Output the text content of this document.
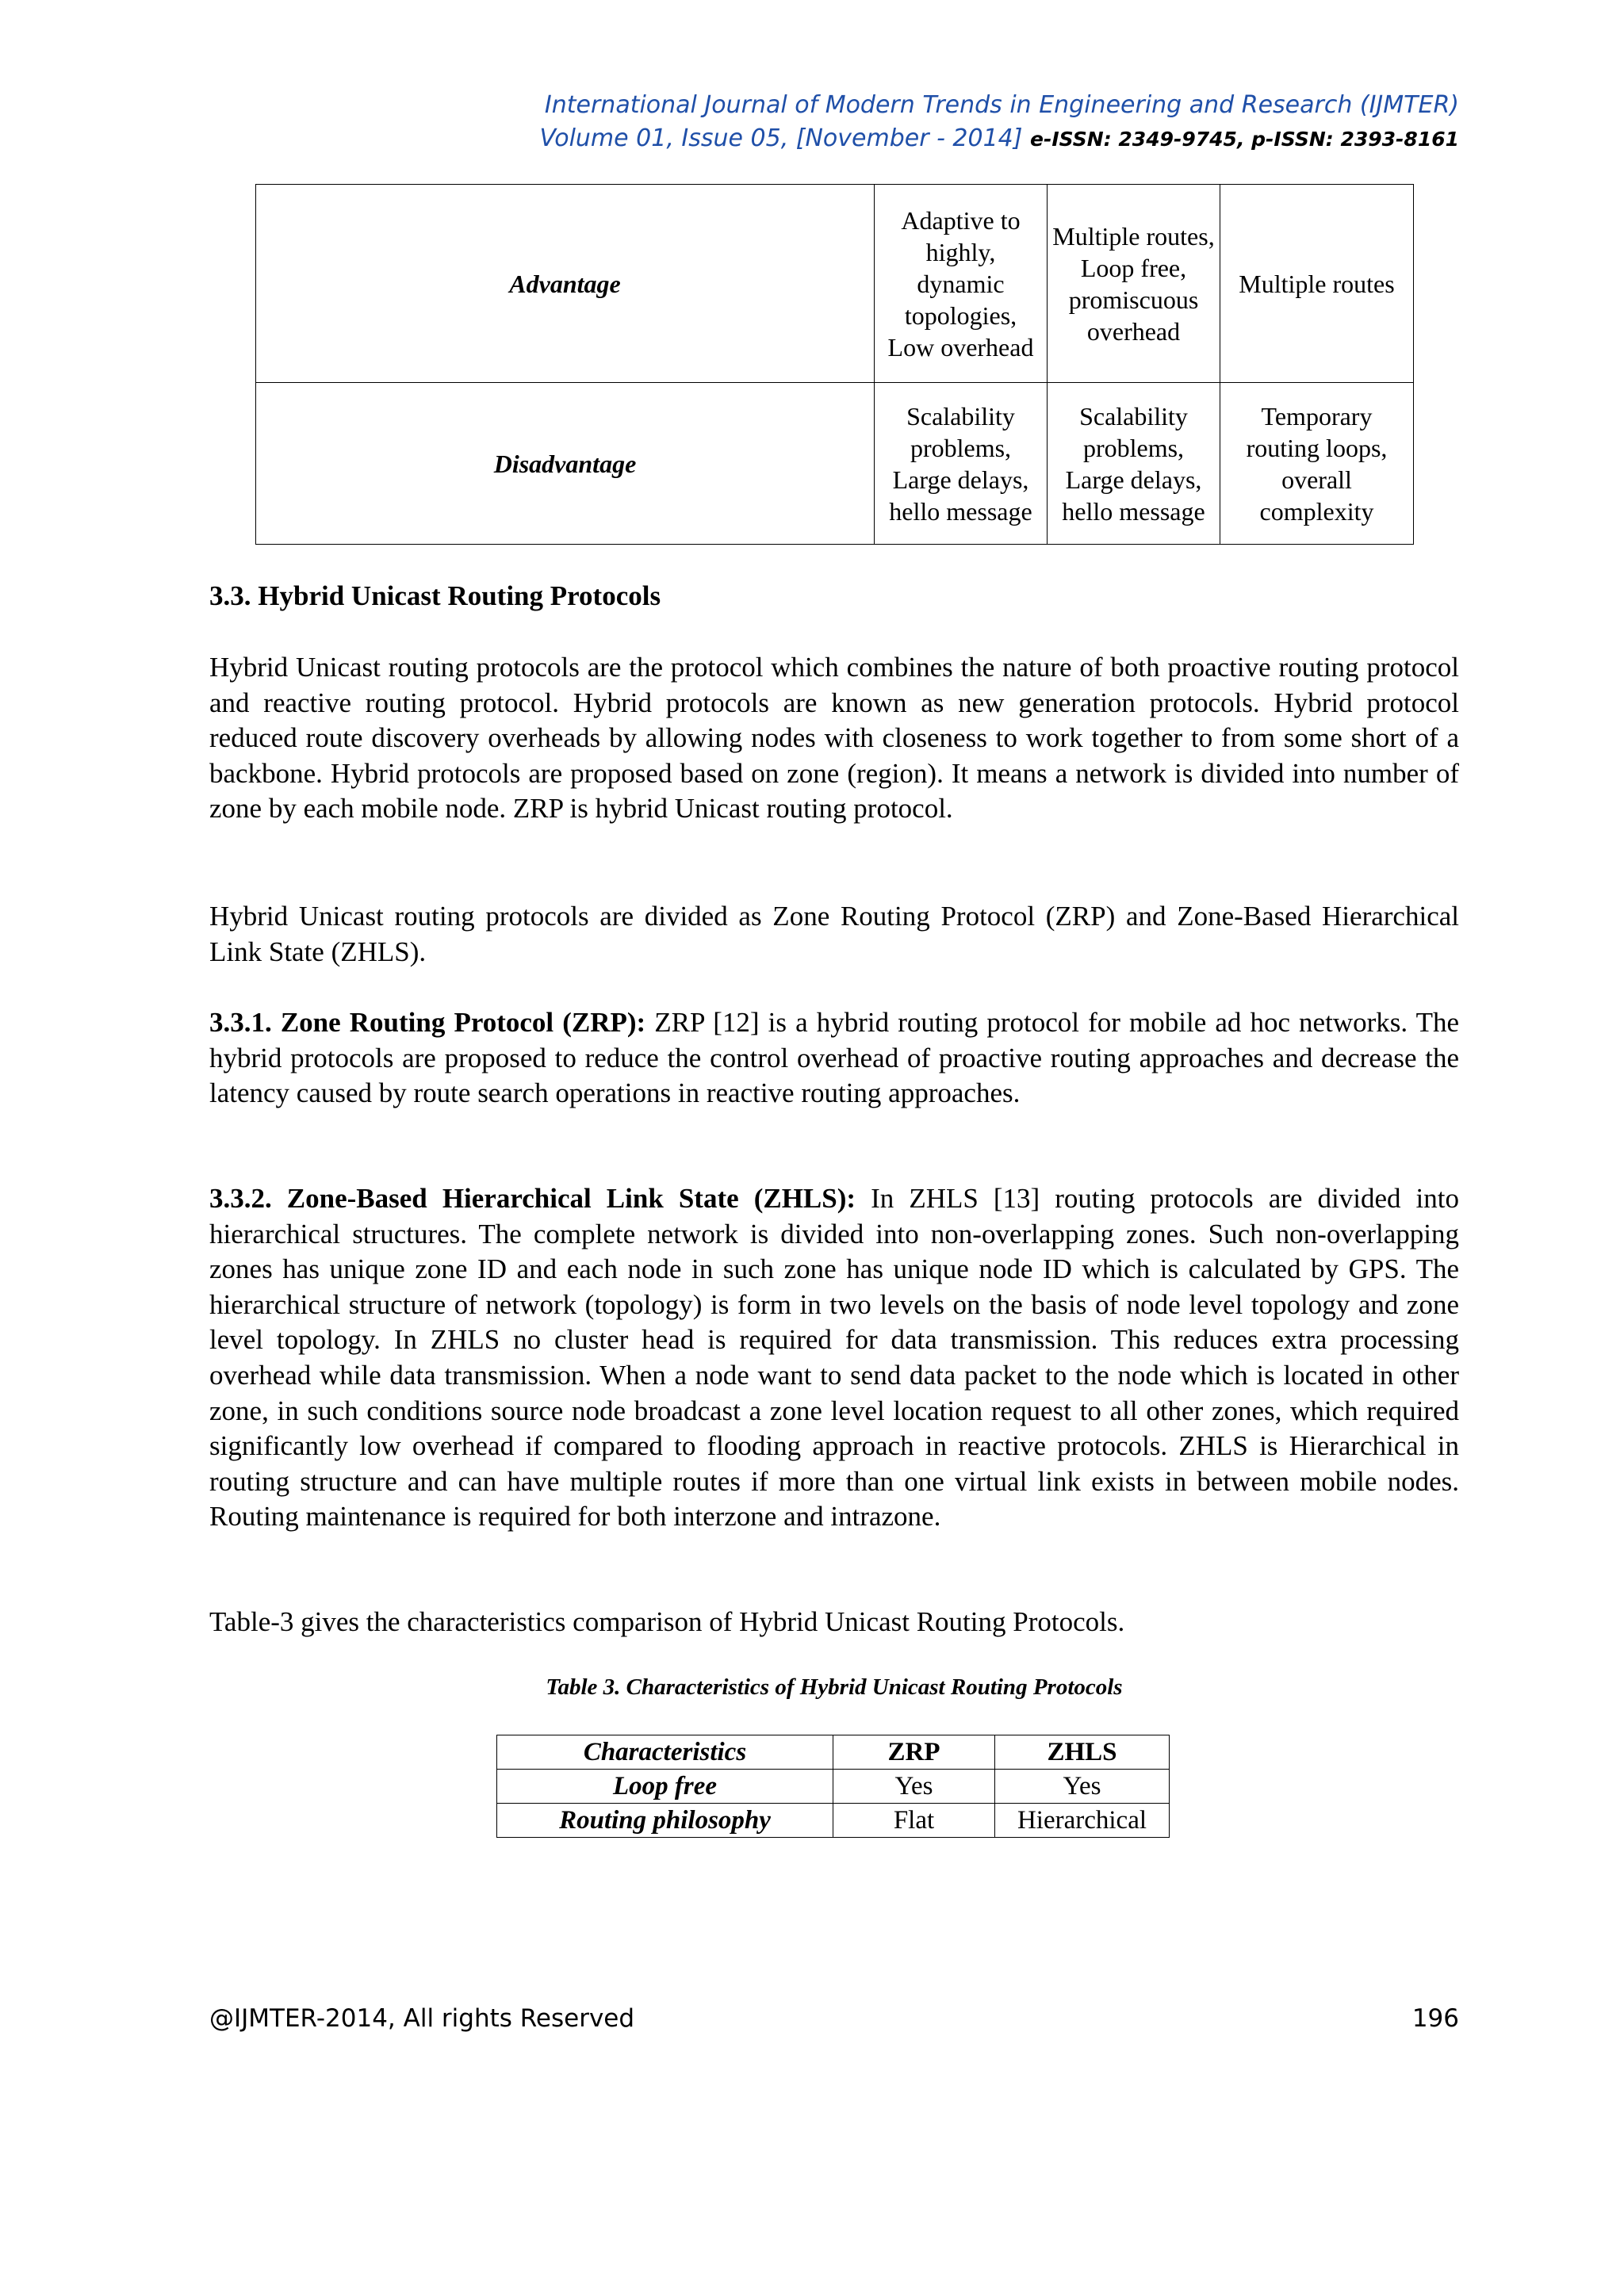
International Journal of Modern Trends in Engineering and Research (IJMTER)
Volume 01, Issue 05, [November - 2014] e-ISSN: 2349-9745, p-ISSN: 2393-8161
Advantage	Adaptive to highly, dynamic topologies, Low overhead	Multiple routes, Loop free, promiscuous overhead	Multiple routes
Disadvantage	Scalability problems, Large delays, hello message	Scalability problems, Large delays, hello message	Temporary routing loops, overall complexity
3.3. Hybrid Unicast Routing Protocols

Hybrid Unicast routing protocols are the protocol which combines the nature of both proactive routing protocol and reactive routing protocol. Hybrid protocols are known as new generation protocols. Hybrid protocol reduced route discovery overheads by allowing nodes with closeness to work together to from some short of a backbone. Hybrid protocols are proposed based on zone (region). It means a network is divided into number of zone by each mobile node. ZRP is hybrid Unicast routing protocol.

Hybrid Unicast routing protocols are divided as Zone Routing Protocol (ZRP) and Zone-Based Hierarchical Link State (ZHLS).

3.3.1. Zone Routing Protocol (ZRP): ZRP [12] is a hybrid routing protocol for mobile ad hoc networks. The hybrid protocols are proposed to reduce the control overhead of proactive routing approaches and decrease the latency caused by route search operations in reactive routing approaches.

3.3.2. Zone-Based Hierarchical Link State (ZHLS): In ZHLS [13] routing protocols are divided into hierarchical structures. The complete network is divided into non-overlapping zones. Such non-overlapping zones has unique zone ID and each node in such zone has unique node ID which is calculated by GPS. The hierarchical structure of network (topology) is form in two levels on the basis of node level topology and zone level topology. In ZHLS no cluster head is required for data transmission. This reduces extra processing overhead while data transmission. When a node want to send data packet to the node which is located in other zone, in such conditions source node broadcast a zone level location request to all other zones, which required significantly low overhead if compared to flooding approach in reactive protocols. ZHLS is Hierarchical in routing structure and can have multiple routes if more than one virtual link exists in between mobile nodes. Routing maintenance is required for both interzone and intrazone.

Table-3 gives the characteristics comparison of Hybrid Unicast Routing Protocols.

Table 3. Characteristics of Hybrid Unicast Routing Protocols
Characteristics	ZRP	ZHLS
Loop free	Yes	Yes
Routing philosophy	Flat	Hierarchical
@IJMTER-2014, All rights Reserved	196
